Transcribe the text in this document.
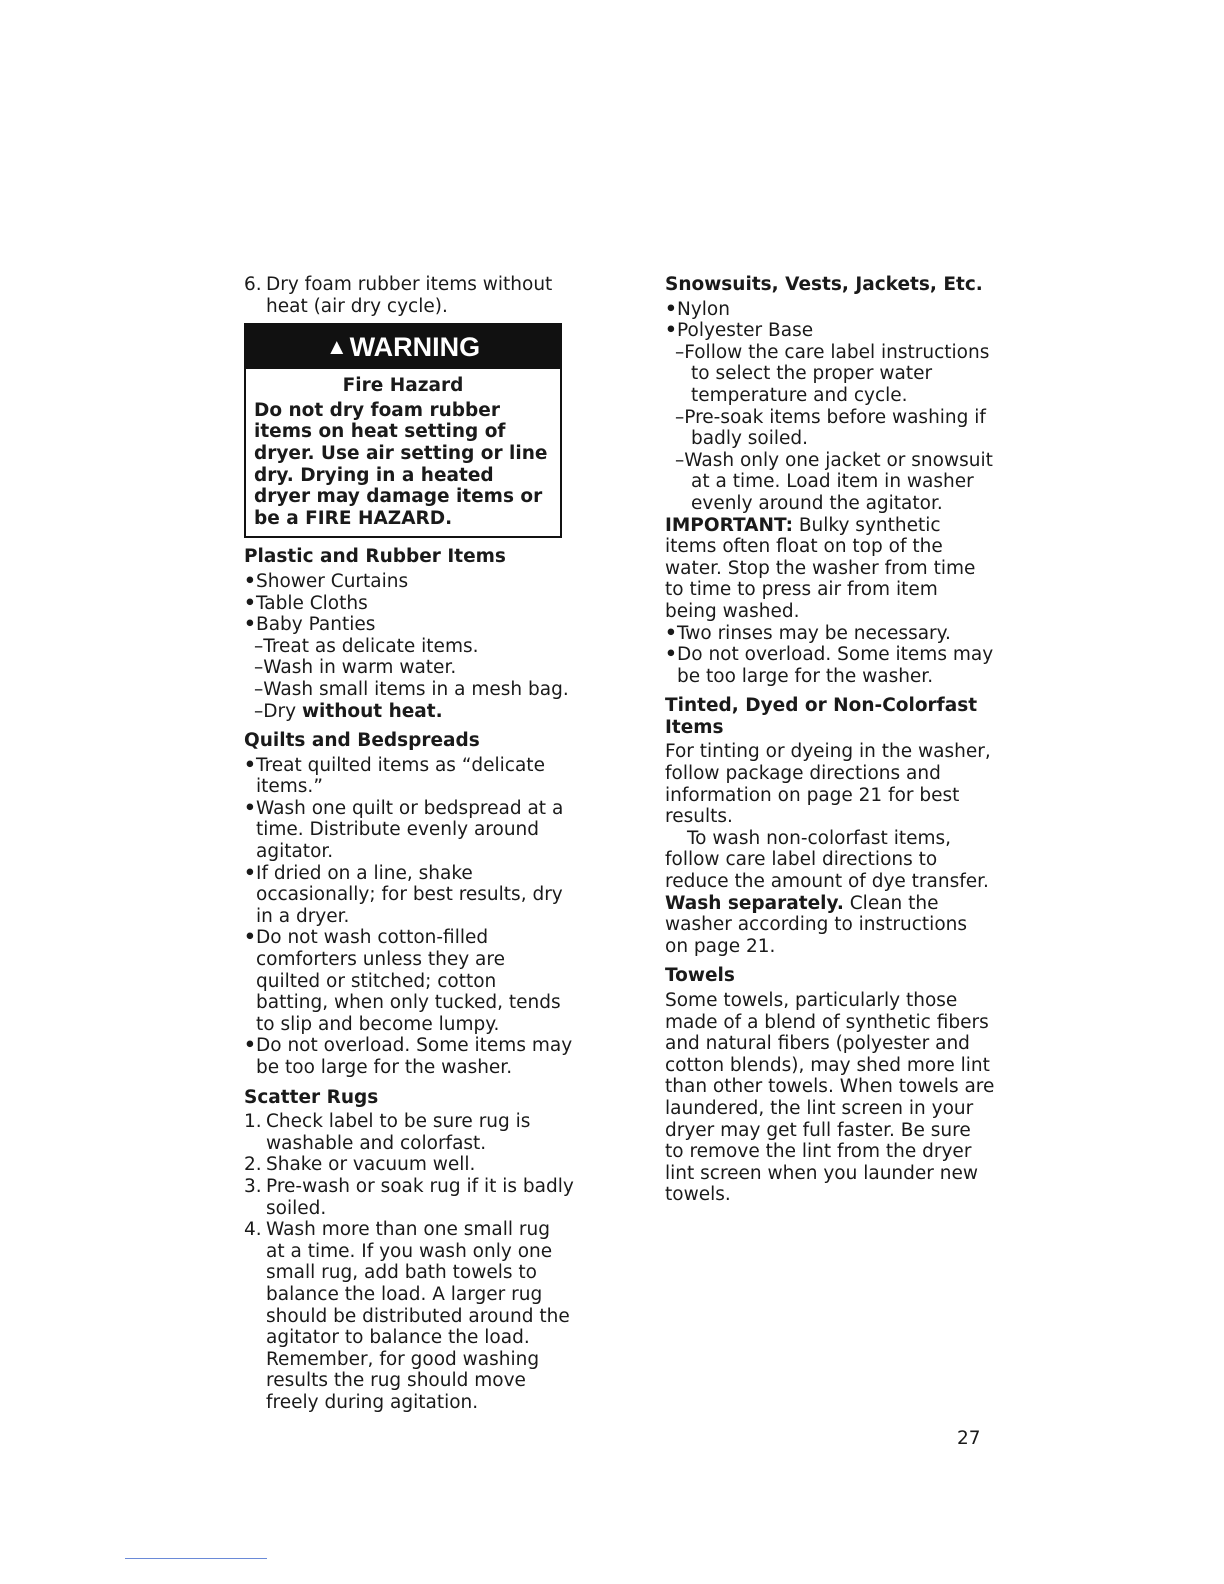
6. Dry foam rubber items without heat (air dry cycle).
▲WARNING

Fire Hazard

Do not dry foam rubber items on heat setting of dryer. Use air setting or line dry. Drying in a heated dryer may damage items or be a FIRE HAZARD.

Plastic and Rubber Items

• Shower Curtains

• Table Cloths

• Baby Panties

–Treat as delicate items.

–Wash in warm water.

–Wash small items in a mesh bag.

–Dry without heat.

Quilts and Bedspreads

• Treat quilted items as “delicate items.”

• Wash one quilt or bedspread at a time. Distribute evenly around agitator.

• If dried on a line, shake occasionally; for best results, dry in a dryer.

• Do not wash cotton-filled comforters unless they are quilted or stitched; cotton batting, when only tucked, tends to slip and become lumpy.

• Do not overload. Some items may be too large for the washer.

Scatter Rugs

1. Check label to be sure rug is washable and colorfast.
2. Shake or vacuum well.
3. Pre-wash or soak rug if it is badly soiled.
4. Wash more than one small rug at a time. If you wash only one small rug, add bath towels to balance the load. A larger rug should be distributed around the agitator to balance the load. Remember, for good washing results the rug should move freely during agitation.

Snowsuits, Vests, Jackets, Etc.

• Nylon

• Polyester Base

–Follow the care label instructions to select the proper water temperature and cycle.

–Pre-soak items before washing if badly soiled.

–Wash only one jacket or snowsuit at a time. Load item in washer evenly around the agitator.

IMPORTANT: Bulky synthetic items often float on top of the water. Stop the washer from time to time to press air from item being washed.

• Two rinses may be necessary.

• Do not overload. Some items may be too large for the washer.

Tinted, Dyed or Non-Colorfast Items

For tinting or dyeing in the washer, follow package directions and information on page 21 for best results.

To wash non-colorfast items, follow care label directions to reduce the amount of dye transfer.

Wash separately. Clean the washer according to instructions on page 21.

Towels

Some towels, particularly those made of a blend of synthetic fibers and natural fibers (polyester and cotton blends), may shed more lint than other towels. When towels are laundered, the lint screen in your dryer may get full faster. Be sure to remove the lint from the dryer lint screen when you launder new towels.

27
